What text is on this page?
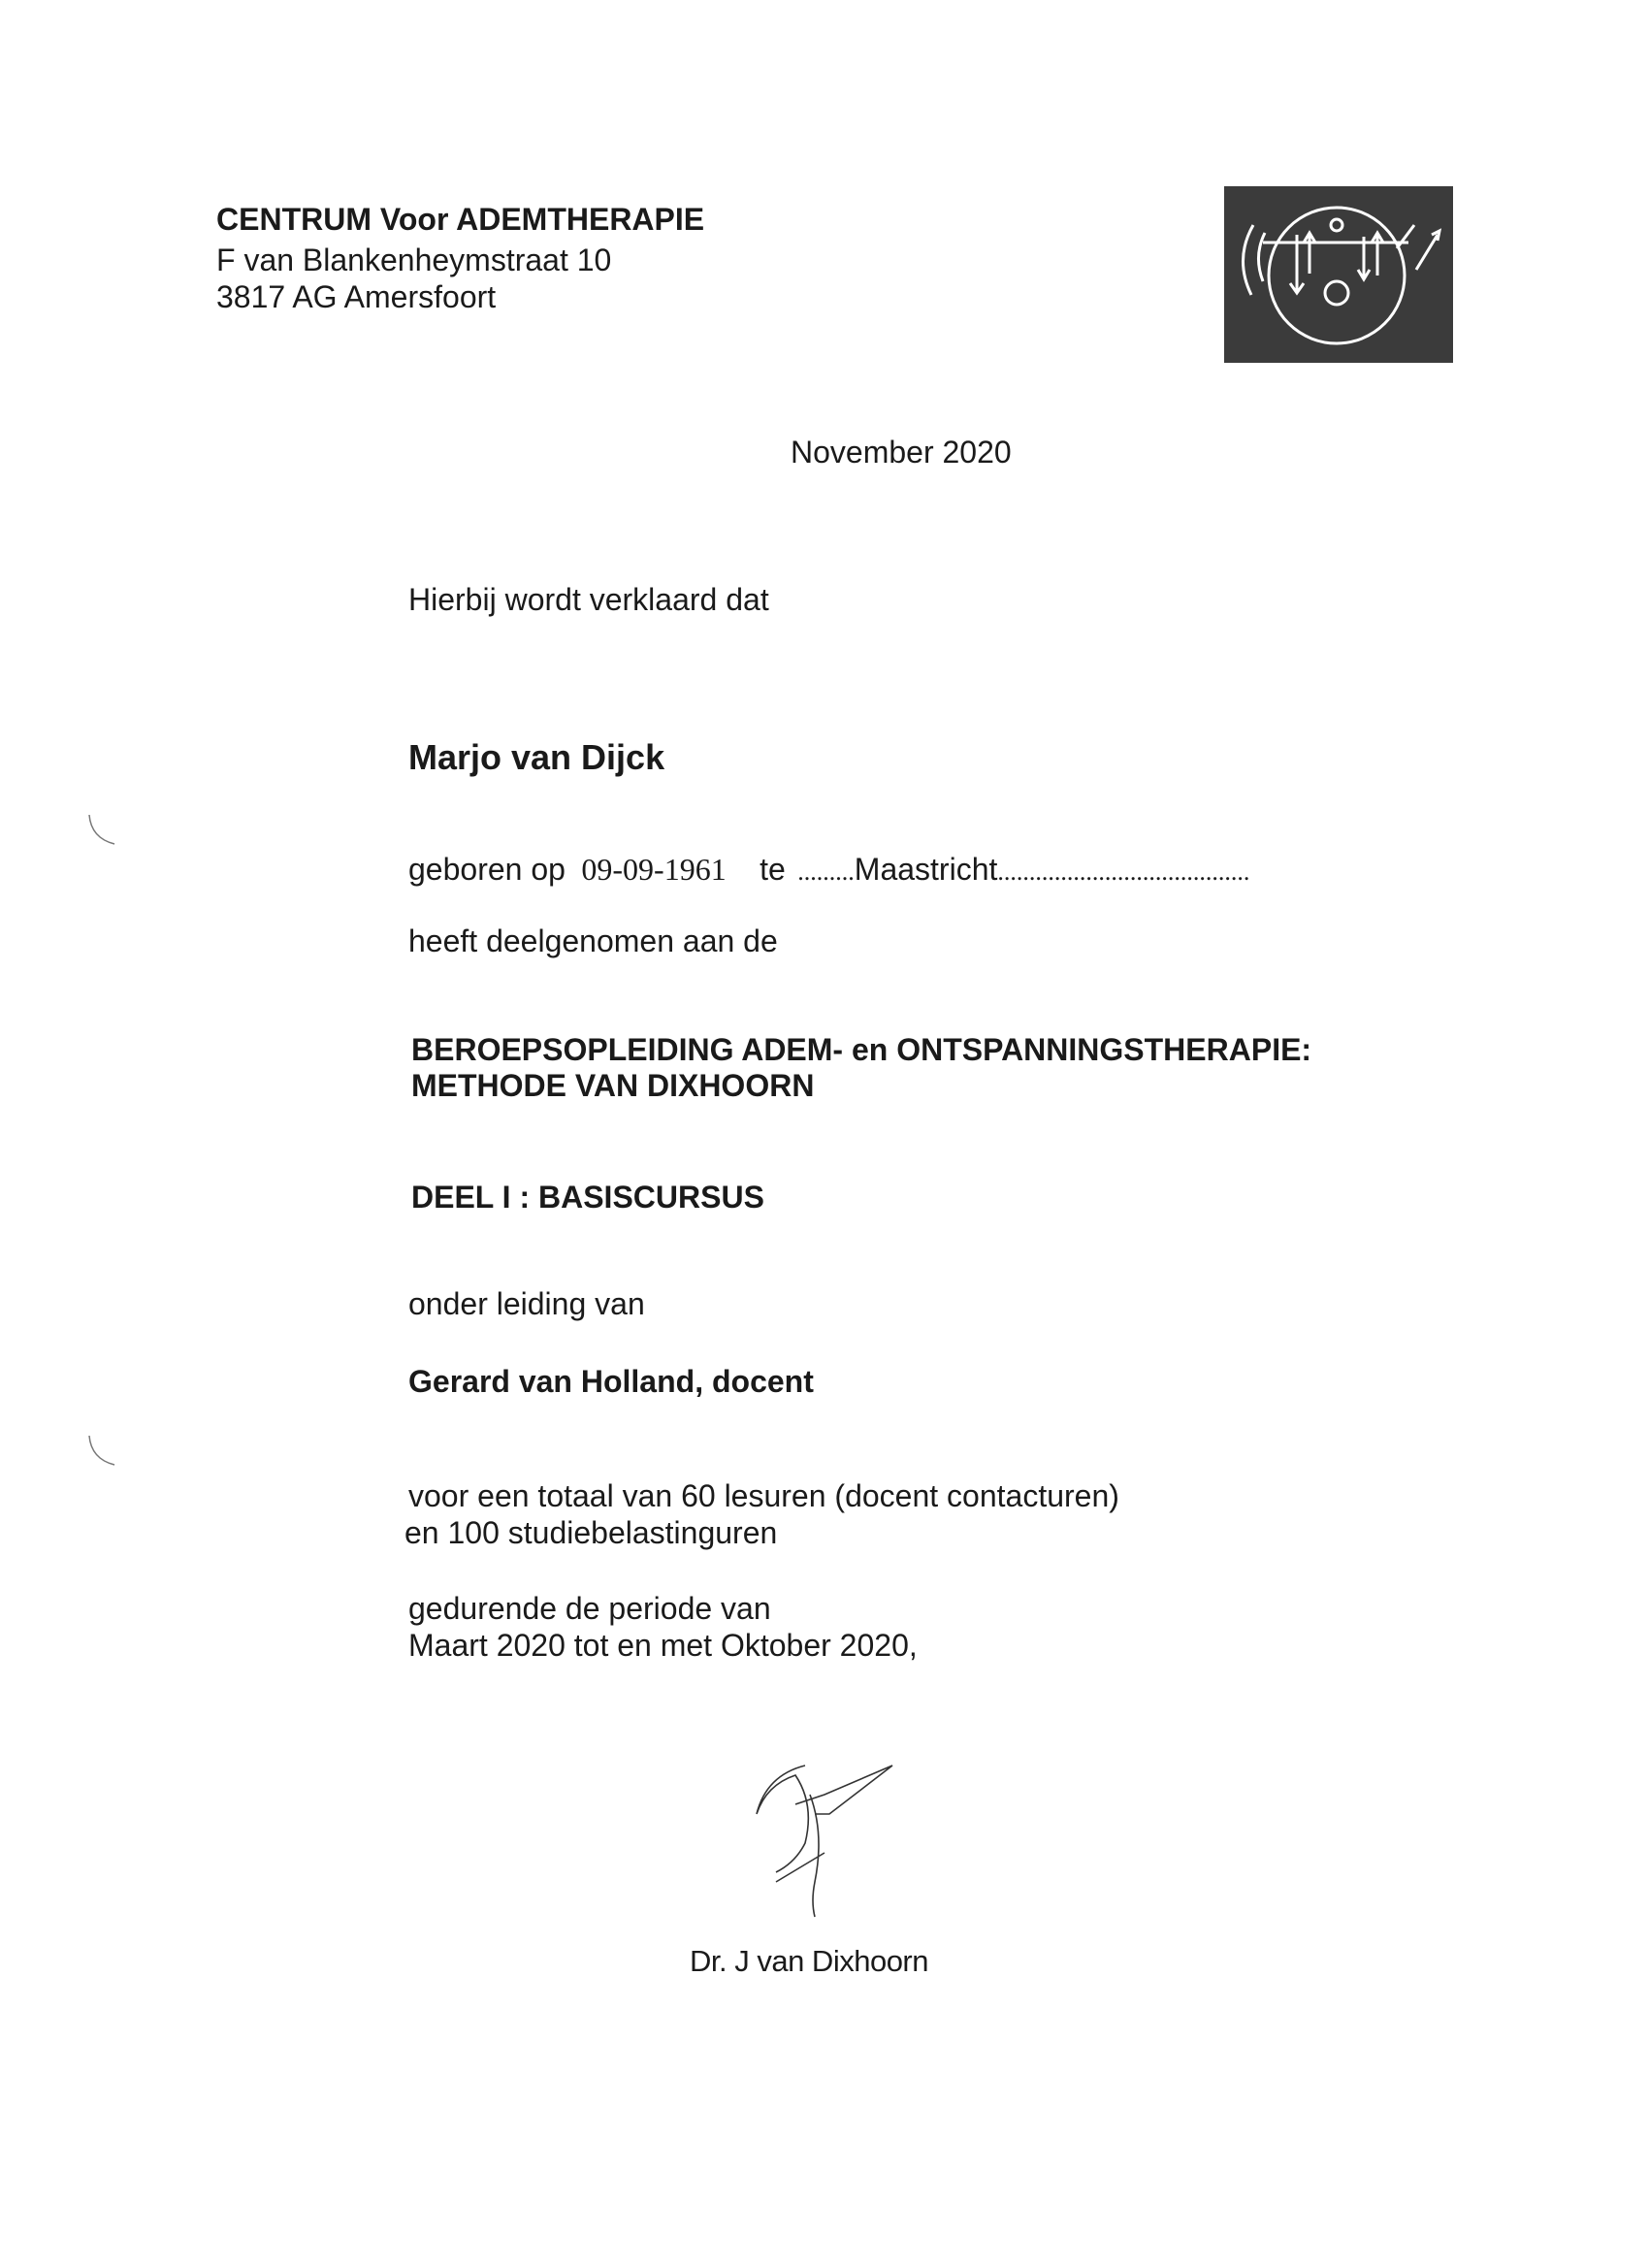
CENTRUM Voor ADEMTHERAPIE
F van Blankenheymstraat 10
3817 AG Amersfoort
November 2020
Hierbij wordt verklaard dat
Marjo van Dijck
geboren op 09-09-1961 te .........Maastricht........................................
heeft deelgenomen aan de
BEROEPSOPLEIDING ADEM- en ONTSPANNINGSTHERAPIE:
METHODE VAN DIXHOORN
DEEL I : BASISCURSUS
onder leiding van
Gerard van Holland, docent
voor een totaal van 60 lesuren (docent contacturen)
en 100 studiebelastinguren
gedurende de periode van
Maart 2020 tot en met Oktober 2020,
Dr. J van Dixhoorn
